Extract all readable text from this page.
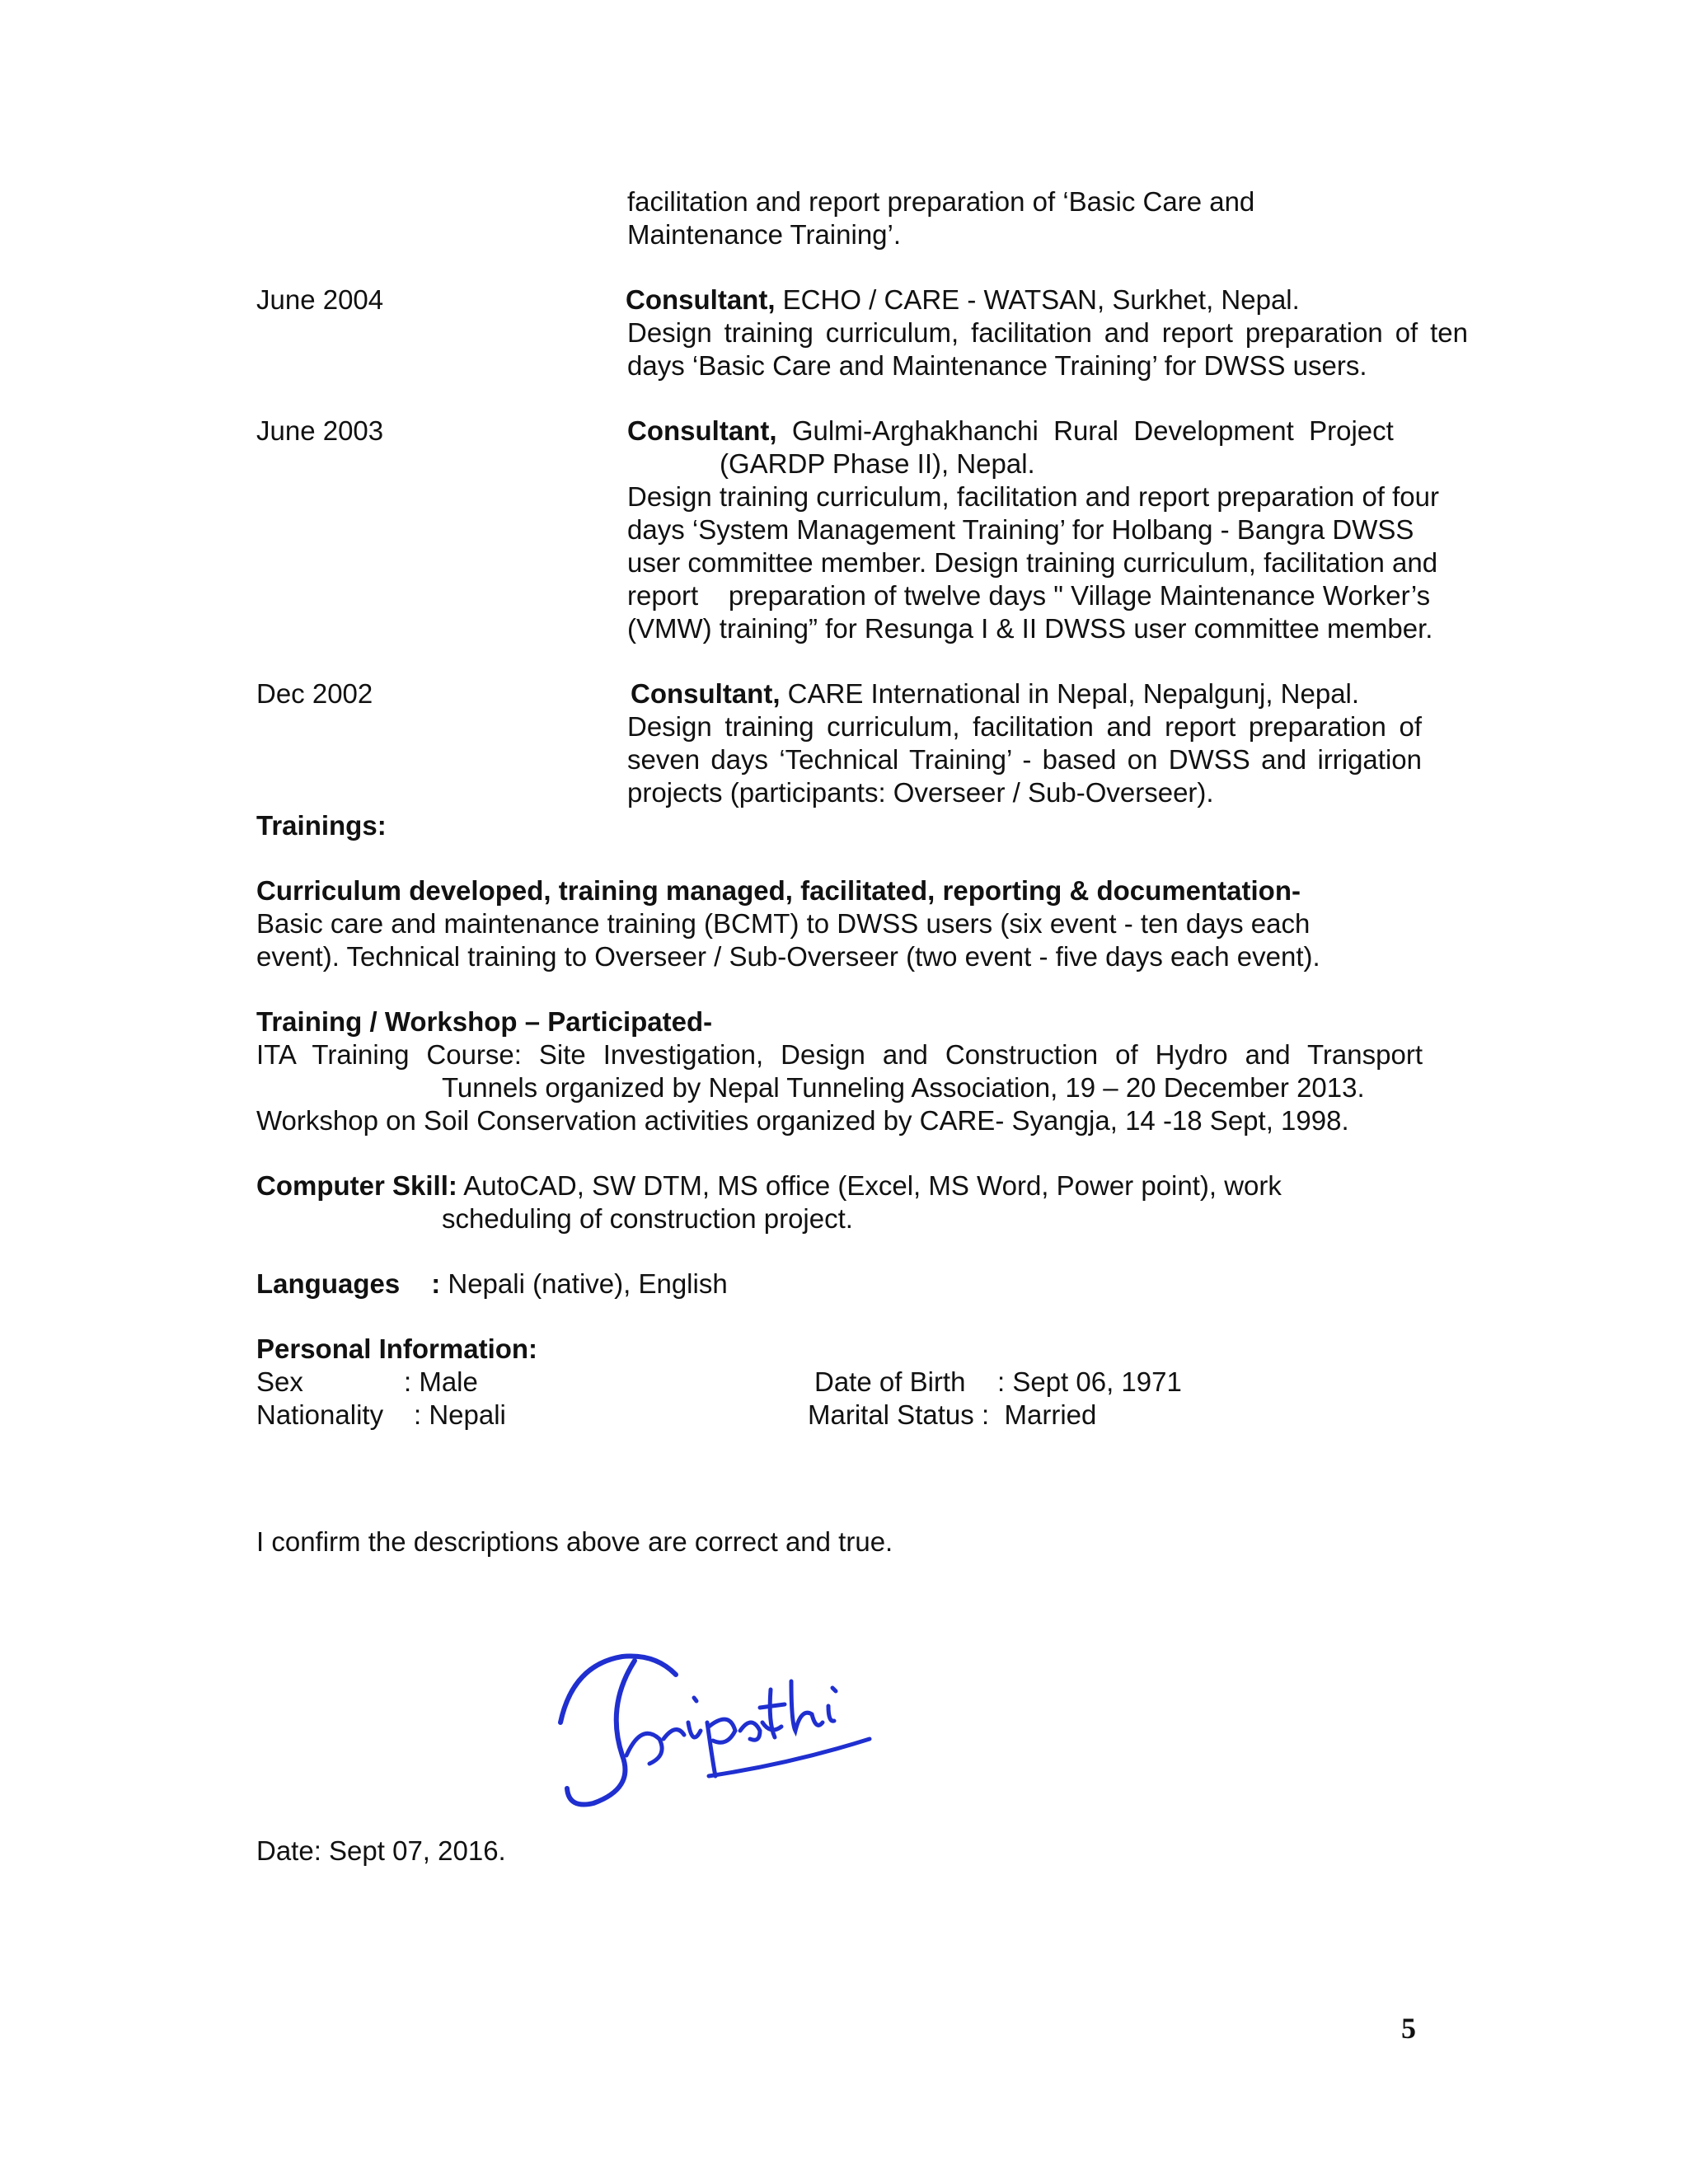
facilitation and report preparation of ‘Basic Care and
Maintenance Training’.
June 2004	Consultant, ECHO / CARE - WATSAN, Surkhet, Nepal.
Design training curriculum, facilitation and report preparation of ten days ‘Basic Care and Maintenance Training’ for DWSS users.
June 2003	Consultant,  Gulmi-Arghakhanchi  Rural  Development  Project
(GARDP Phase II), Nepal.
Design training curriculum, facilitation and report preparation of four
days ‘System Management Training’ for Holbang - Bangra DWSS
user committee member. Design training curriculum, facilitation and
report    preparation of twelve days " Village Maintenance Worker’s
(VMW) training” for Resunga I & II DWSS user committee member.
Dec 2002	Consultant, CARE International in Nepal, Nepalgunj, Nepal.
Design training curriculum, facilitation and report preparation of seven days ‘Technical Training’ - based on DWSS and irrigation projects (participants: Overseer / Sub-Overseer).
Trainings:
Curriculum developed, training managed, facilitated, reporting & documentation-
Basic care and maintenance training (BCMT) to DWSS users (six event - ten days each
event). Technical training to Overseer / Sub-Overseer (two event - five days each event).
Training / Workshop – Participated-
ITA Training Course: Site Investigation, Design and Construction of Hydro and Transport
Tunnels organized by Nepal Tunneling Association, 19 – 20 December 2013.
Workshop on Soil Conservation activities organized by CARE- Syangja, 14 -18 Sept, 1998.
Computer Skill: AutoCAD, SW DTM, MS office (Excel, MS Word, Power point), work
scheduling of construction project.
Languages : Nepali (native), English
Personal Information:
Sex	: Male	Date of Birth : Sept 06, 1971
Nationality : Nepali	Marital Status :  Married
I confirm the descriptions above are correct and true.
Date: Sept 07, 2016.
5
